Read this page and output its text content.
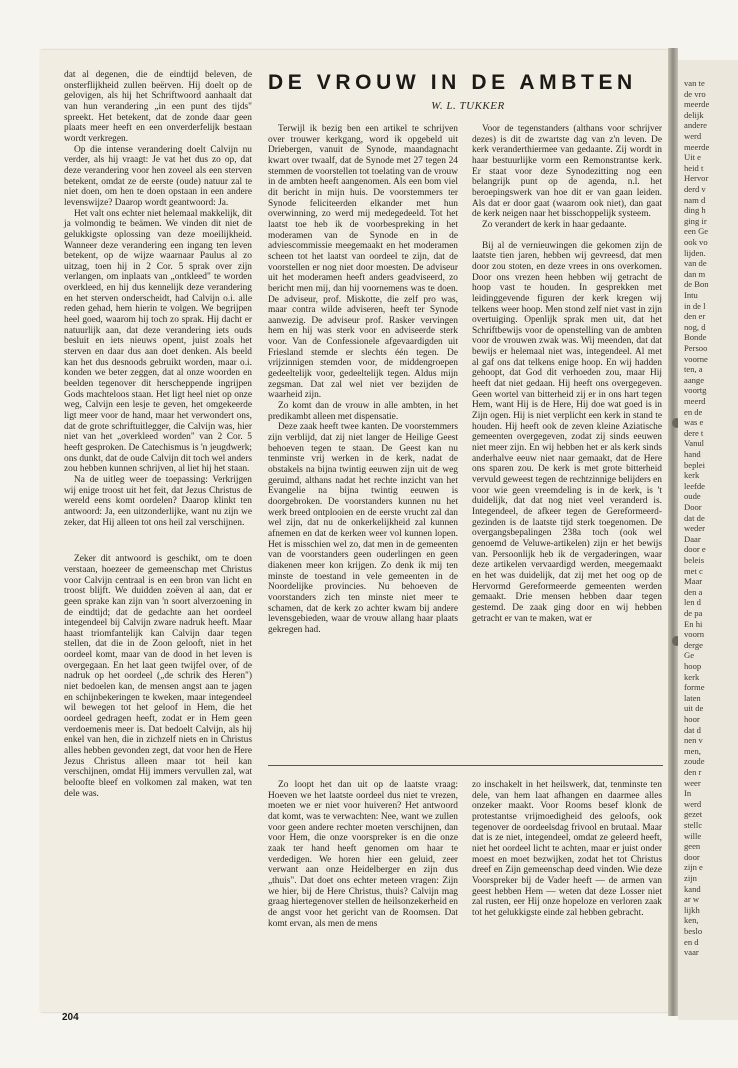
dat al degenen, die de eindtijd beleven, de onsterflijkheid zullen beërven. Hij doelt op de gelovigen, als hij het Schriftwoord aanhaalt dat van hun verandering „in een punt des tijds" spreekt. Het betekent, dat de zonde daar geen plaats meer heeft en een onverderfelijk bestaan wordt verkregen.

Op die intense verandering doelt Calvijn nu verder, als hij vraagt: Je vat het dus zo op, dat deze verandering voor hen zoveel als een sterven betekent, omdat ze de eerste (oude) natuur zal te niet doen, om hen te doen opstaan in een andere levenswijze? Daarop wordt geantwoord: Ja.

Het valt ons echter niet helemaal makkelijk, dit ja volmondig te beämen. We vinden dit niet de gelukkigste oplossing van deze moeilijkheid. Wanneer deze verandering een ingang ten leven betekent, op de wijze waarnaar Paulus al zo uitzag, toen hij in 2 Cor. 5 sprak over zijn verlangen, om inplaats van „ontkleed" te worden overkleed, en hij dus kennelijk deze verandering en het sterven onderscheidt, had Calvijn o.i. alle reden gehad, hem hierin te volgen. We begrijpen heel goed, waarom hij toch zo sprak. Hij dacht er natuurlijk aan, dat deze verandering iets ouds besluit en iets nieuws opent, juist zoals het sterven en daar dus aan doet denken. Als beeld kan het dus desnoods gebruikt worden, maar o.i. konden we beter zeggen, dat al onze woorden en beelden tegenover dit herscheppende ingrijpen Gods machteloos staan. Het ligt heel niet op onze weg, Calvijn een lesje te geven, het omgekeerde ligt meer voor de hand, maar het verwondert ons, dat de grote schriftuitlegger, die Calvijn was, hier niet van het „overkleed worden" van 2 Cor. 5 heeft gesproken. De Catechismus is 'n jeugdwerk; ons dunkt, dat de oude Calvijn dit toch wel anders zou hebben kunnen schrijven, al liet hij het staan.

Na de uitleg weer de toepassing: Verkrijgen wij enige troost uit het feit, dat Jezus Christus de wereld eens komt oordelen? Daarop klinkt ten antwoord: Ja, een uitzonderlijke, want nu zijn we zeker, dat Hij alleen tot ons heil zal verschijnen.

Zeker dit antwoord is geschikt, om te doen verstaan, hoezeer de gemeenschap met Christus voor Calvijn centraal is en een bron van licht en troost blijft. We duidden zoëven al aan, dat er geen sprake kan zijn van 'n soort alverzoening in de eindtijd; dat de gedachte aan het oordeel integendeel bij Calvijn zware nadruk heeft. Maar haast triomfantelijk kan Calvijn daar tegen stellen, dat die in de Zoon gelooft, niet in het oordeel komt, maar van de dood in het leven is overgegaan. En het laat geen twijfel over, of de nadruk op het oordeel („de schrik des Heren") niet bedoelen kan, de mensen angst aan te jagen en schijnbekeringen te kweken, maar integendeel wil bewegen tot het geloof in Hem, die het oordeel gedragen heeft, zodat er in Hem geen verdoemenis meer is. Dat bedoelt Calvijn, als hij enkel van hen, die in zichzelf niets en in Christus alles hebben gevonden zegt, dat voor hen de Here Jezus Christus alleen maar tot heil kan verschijnen, omdat Hij immers vervullen zal, wat beloofte bleef en volkomen zal maken, wat ten dele was.

DE VROUW IN DE AMBTEN
W. L. TUKKER

Terwijl ik bezig ben een artikel te schrijven over trouwer kerkgang, word ik opgebeld uit Driebergen, vanuit de Synode, maandagnacht kwart over twaalf, dat de Synode met 27 tegen 24 stemmen de voorstellen tot toelating van de vrouw in de ambten heeft aangenomen. Als een bom viel dit bericht in mijn huis. De voorstemmers ter Synode feliciteerden elkander met hun overwinning, zo werd mij medegedeeld. Tot het laatst toe heb ik de voorbespreking in het moderamen van de Synode en in de adviescommissie meegemaakt en het moderamen scheen tot het laatst van oordeel te zijn, dat de voorstellen er nog niet door moesten. De adviseur uit het moderamen heeft anders geadviseerd, zo bericht men mij, dan hij voornemens was te doen. De adviseur, prof. Miskotte, die zelf pro was, maar contra wilde adviseren, heeft ter Synode aanwezig. De adviseur prof. Rasker vervingen hem en hij was sterk voor en adviseerde sterk voor. Van de Confessionele afgevaardigden uit Friesland stemde er slechts één tegen. De vrijzinnigen stemden voor, de middengroepen gedeeltelijk voor, gedeeltelijk tegen. Aldus mijn zegsman. Dat zal wel niet ver bezijden de waarheid zijn.

Zo komt dan de vrouw in alle ambten, in het predikambt alleen met dispensatie.

Deze zaak heeft twee kanten. De voorstemmers zijn verblijd, dat zij niet langer de Heilige Geest behoeven tegen te staan. De Geest kan nu tenminste vrij werken in de kerk, nadat de obstakels na bijna twintig eeuwen zijn uit de weg geruimd, althans nadat het rechte inzicht van het Evangelie na bijna twintig eeuwen is doorgebroken. De voorstanders kunnen nu het werk breed ontplooien en de eerste vrucht zal dan wel zijn, dat nu de onkerkelijkheid zal kunnen afnemen en dat de kerken weer vol kunnen lopen. Het is misschien wel zo, dat men in de gemeenten van de voorstanders geen ouderlingen en geen diakenen meer kon krijgen. Zo denk ik mij ten minste de toestand in vele gemeenten in de Noordelijke provincies. Nu behoeven de voorstanders zich ten minste niet meer te schamen, dat de kerk zo achter kwam bij andere levensgebieden, waar de vrouw allang haar plaats gekregen had.

Voor de tegenstanders (althans voor schrijver dezes) is dit de zwartste dag van z'n leven. De kerk veranderthiermee van gedaante. Zij wordt in haar bestuurlijke vorm een Remonstrantse kerk. Er staat voor deze Synodezitting nog een belangrijk punt op de agenda, n.l. het beroepingswerk van hoe dit er van gaan leiden. Als dat er door gaat (waarom ook niet), dan gaat de kerk neigen naar het bisschoppelijk systeem.

Zo verandert de kerk in haar gedaante.

Bij al de vernieuwingen die gekomen zijn de laatste tien jaren, hebben wij gevreesd, dat men door zou stoten, en deze vrees in ons overkomen. Door ons vrezen heen hebben wij getracht de hoop vast te houden. In gesprekken met leidinggevende figuren der kerk kregen wij telkens weer hoop. Men stond zelf niet vast in zijn overtuiging. Openlijk sprak men uit, dat het Schriftbewijs voor de openstelling van de ambten voor de vrouwen zwak was. Wij meenden, dat dat bewijs er helemaal niet was, integendeel. Al met al gaf ons dat telkens enige hoop. En wij hadden gehoopt, dat God dit verhoeden zou, maar Hij heeft dat niet gedaan. Hij heeft ons overgegeven. Geen wortel van bitterheid zij er in ons hart tegen Hem, want Hij is de Here, Hij doe wat goed is in Zijn ogen. Hij is niet verplicht een kerk in stand te houden. Hij heeft ook de zeven kleine Aziatische gemeenten overgegeven, zodat zij sinds eeuwen niet meer zijn. En wij hebben het er als kerk sinds anderhalve eeuw niet naar gemaakt, dat de Here ons sparen zou. De kerk is met grote bitterheid vervuld geweest tegen de rechtzinnige belijders en voor wie geen vreemdeling is in de kerk, is 't duidelijk, dat dat nog niet veel veranderd is. Integendeel, de afkeer tegen de Gereformeerd-gezinden is de laatste tijd sterk toegenomen. De overgangsbepalingen 238a toch (ook wel genoemd de Veluwe-artikelen) zijn er het bewijs van. Persoonlijk heb ik de vergaderingen, waar deze artikelen vervaardigd werden, meegemaakt en het was duidelijk, dat zij met het oog op de Hervormd Gereformeerde gemeenten werden gemaakt. Drie mensen hebben daar tegen gestemd. De zaak ging door en wij hebben getracht er van te maken, wat er

Zo loopt het dan uit op de laatste vraag: Hoeven we het laatste oordeel dus niet te vrezen, moeten we er niet voor huiveren? Het antwoord dat komt, was te verwachten: Nee, want we zullen voor geen andere rechter moeten verschijnen, dan voor Hem, die onze voorspreker is en die onze zaak ter hand heeft genomen om haar te verdedigen. We horen hier een geluid, zeer verwant aan onze Heidelberger en zijn dus „thuis". Dat doet ons echter meteen vragen: Zijn we hier, bij de Here Christus, thuis? Calvijn mag graag hiertegenover stellen de heilsonzekerheid en de angst voor het gericht van de Roomsen. Dat komt ervan, als men de mens

zo inschakelt in het heilswerk, dat, tenminste ten dele, van hem laat afhangen en daarmee alles onzeker maakt. Voor Rooms besef klonk de protestantse vrijmoedigheid des geloofs, ook tegenover de oordeelsdag frivool en brutaal. Maar dat is ze niet, integendeel, omdat ze geleerd heeft, niet het oordeel licht te achten, maar er juist onder moest en moet bezwijken, zodat het tot Christus dreef en Zijn gemeenschap deed vinden. Wie deze Voorspreker bij de Vader heeft — de armen van geest hebben Hem — weten dat deze Losser niet zal rusten, eer Hij onze hopeloze en verloren zaak tot het gelukkigste einde zal hebben gebracht.

204
van te
de vro
meerde
delijk
andere
werd
meerde
Uit e
heid t
Hervor
derd v
nam d
ding h
ging ir
een Ge
ook vo
lijden.
van de
dan m
de Bon
Intu
in de l
den er
nog, d
Bonde
Persoo
voorne
ten, a
aange
voortg
meerd
en de
was e
dere t
Vanul
hand
beplei
kerk
leefde
oude
Door
dat de
weder
Daar
door e
beleis
met c
Maar
den a
len d
de pa
En hi
voorn
derge
Ge
hoop
kerk
forme
laten
uit de
hoor
dat d
nen v
men,
zoude
den r
weer
In
werd
gezet
stellc
wille
geen
door
zijn e
zijn
kand
ar w
lijkh
ken,
beslo
en d
vaar
